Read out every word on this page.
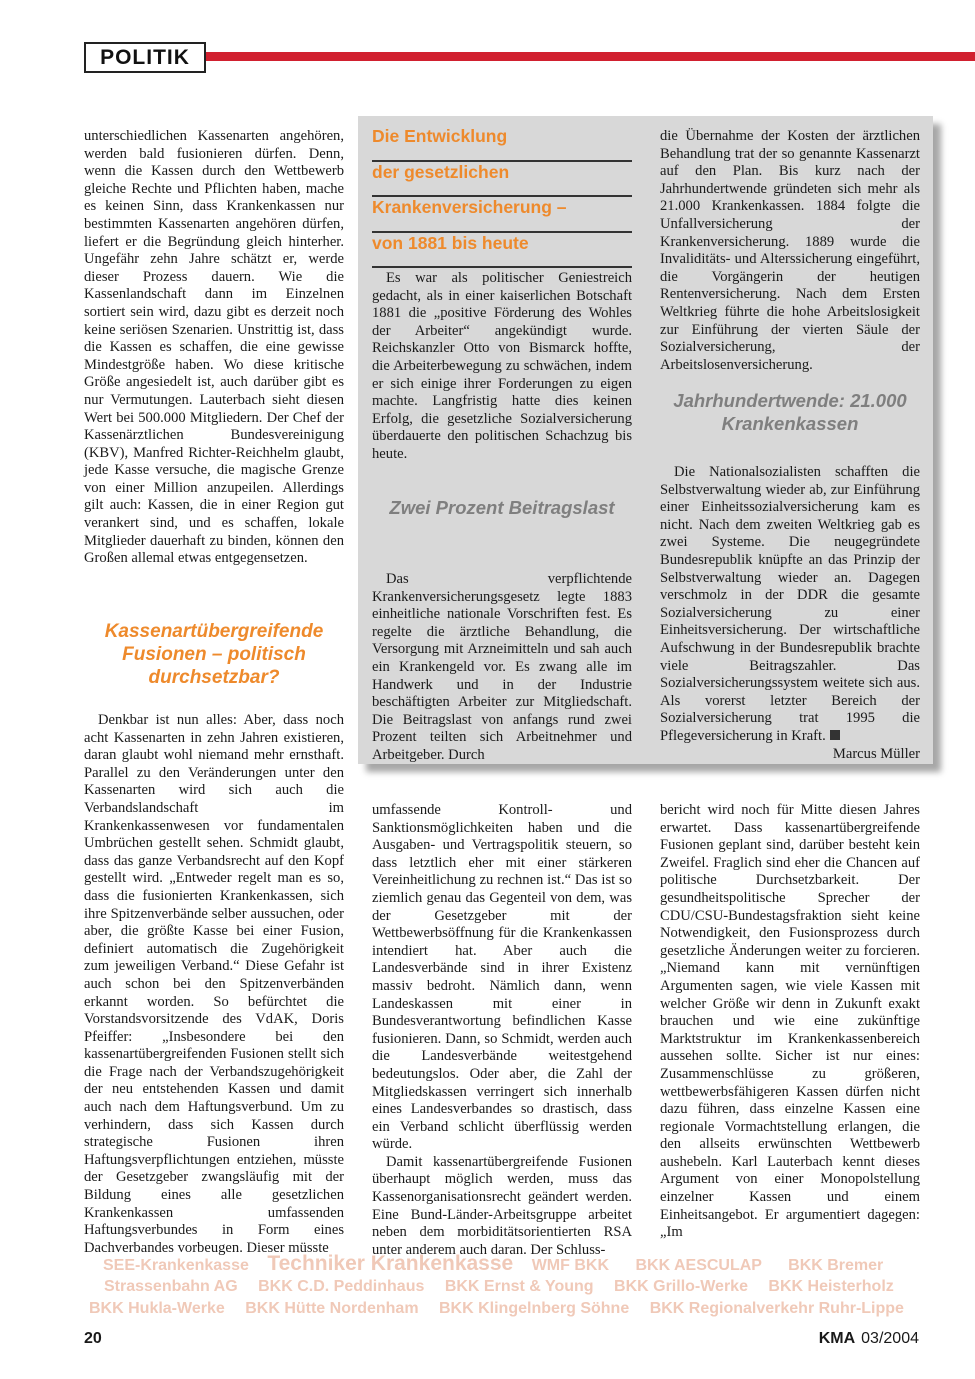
POLITIK

unterschiedlichen Kassenarten angehören, werden bald fusionieren dürfen. Denn, wenn die Kassen durch den Wettbewerb gleiche Rechte und Pflichten haben, mache es keinen Sinn, dass Krankenkassen nur bestimmten Kassenarten angehören dürfen, liefert er die Begründung gleich hinterher. Ungefähr zehn Jahre schätzt er, werde dieser Prozess dauern. Wie die Kassenlandschaft dann im Einzelnen sortiert sein wird, dazu gibt es derzeit noch keine seriösen Szenarien. Unstrittig ist, dass die Kassen es schaffen, die eine gewisse Mindestgröße haben. Wo diese kritische Größe angesiedelt ist, auch darüber gibt es nur Vermutungen. Lauterbach sieht diesen Wert bei 500.000 Mitgliedern. Der Chef der Kassenärztlichen Bundesvereinigung (KBV), Manfred Richter-Reichhelm glaubt, jede Kasse versuche, die magische Grenze von einer Million anzupeilen. Allerdings gilt auch: Kassen, die in einer Region gut verankert sind, und es schaffen, lokale Mitglieder dauerhaft zu binden, können den Großen allemal etwas entgegensetzen.

Kassenartübergreifende Fusionen – politisch durchsetzbar?

Denkbar ist nun alles: Aber, dass noch acht Kassenarten in zehn Jahren existieren, daran glaubt wohl niemand mehr ernsthaft. Parallel zu den Veränderungen unter den Kassenarten wird sich auch die Verbandslandschaft im Krankenkassenwesen vor fundamentalen Umbrüchen gestellt sehen. Schmidt glaubt, dass das ganze Verbandsrecht auf den Kopf gestellt wird. „Entweder regelt man es so, dass die fusionierten Krankenkassen, sich ihre Spitzenverbände selber aussuchen, oder aber, die größte Kasse bei einer Fusion, definiert automatisch die Zugehörigkeit zum jeweiligen Verband.“ Diese Gefahr ist auch schon bei den Spitzenverbänden erkannt worden. So befürchtet die Vorstandsvorsitzende des VdAK, Doris Pfeiffer: „Insbesondere bei den kassenartübergreifenden Fusionen stellt sich die Frage nach der Verbandszugehörigkeit der neu entstehenden Kassen und damit auch nach dem Haftungsverbund. Um zu verhindern, dass sich Kassen durch strategische Fusionen ihren Haftungsverpflichtungen entziehen, müsste der Gesetzgeber zwangsläufig mit der Bildung eines alle gesetzlichen Krankenkassen umfassenden Haftungsverbundes in Form eines Dachverbandes vorbeugen. Dieser müsste

Die Entwicklung
der gesetzlichen
Krankenversicherung –
von 1881 bis heute

Es war als politischer Geniestreich gedacht, als in einer kaiserlichen Botschaft 1881 die „positive Förderung des Wohles der Arbeiter“ angekündigt wurde. Reichskanzler Otto von Bismarck hoffte, die Arbeiterbewegung zu schwächen, indem er sich einige ihrer Forderungen zu eigen machte. Langfristig hatte dies keinen Erfolg, die gesetzliche Sozialversicherung überdauerte den politischen Schachzug bis heute.

Zwei Prozent Beitragslast

Das verpflichtende Krankenversicherungsgesetz legte 1883 einheitliche nationale Vorschriften fest. Es regelte die ärztliche Behandlung, die Versorgung mit Arzneimitteln und sah auch ein Krankengeld vor. Es zwang alle im Handwerk und in der Industrie beschäftigten Arbeiter zur Mitgliedschaft. Die Beitragslast von anfangs rund zwei Prozent teilten sich Arbeitnehmer und Arbeitgeber. Durch

die Übernahme der Kosten der ärztlichen Behandlung trat der so genannte Kassenarzt auf den Plan. Bis kurz nach der Jahrhundertwende gründeten sich mehr als 21.000 Krankenkassen. 1884 folgte die Unfallversicherung der Krankenversicherung. 1889 wurde die Invaliditäts- und Alterssicherung eingeführt, die Vorgängerin der heutigen Rentenversicherung. Nach dem Ersten Weltkrieg führte die hohe Arbeitslosigkeit zur Einführung der vierten Säule der Sozialversicherung, der Arbeitslosenversicherung.

Jahrhundertwende: 21.000 Krankenkassen

Die Nationalsozialisten schafften die Selbstverwaltung wieder ab, zur Einführung einer Einheitssozialversicherung kam es nicht. Nach dem zweiten Weltkrieg gab es zwei Systeme. Die neugegründete Bundesrepublik knüpfte an das Prinzip der Selbstverwaltung wieder an. Dagegen verschmolz in der DDR die gesamte Sozialversicherung zu einer Einheitsversicherung. Der wirtschaftliche Aufschwung in der Bundesrepublik brachte viele Beitragszahler. Das Sozialversicherungssystem weitete sich aus. Als vorerst letzter Bereich der Sozialversicherung trat 1995 die Pflegeversicherung in Kraft.

Marcus Müller

umfassende Kontroll- und Sanktionsmöglichkeiten haben und die Ausgaben- und Vertragspolitik steuern, so dass letztlich eher mit einer stärkeren Vereinheitlichung zu rechnen ist.“ Das ist so ziemlich genau das Gegenteil von dem, was der Gesetzgeber mit der Wettbewerbsöffnung für die Krankenkassen intendiert hat. Aber auch die Landesverbände sind in ihrer Existenz massiv bedroht. Nämlich dann, wenn Landeskassen mit einer in Bundesverantwortung befindlichen Kasse fusionieren. Dann, so Schmidt, werden auch die Landesverbände weitestgehend bedeutungslos. Oder aber, die Zahl der Mitgliedskassen verringert sich innerhalb eines Landesverbandes so drastisch, dass ein Verband schlicht überflüssig werden würde.

Damit kassenartübergreifende Fusionen überhaupt möglich werden, muss das Kassenorganisationsrecht geändert werden. Eine Bund-Länder-Arbeitsgruppe arbeitet neben dem morbiditätsorientierten RSA unter anderem auch daran. Der Schluss-

bericht wird noch für Mitte diesen Jahres erwartet. Dass kassenartübergreifende Fusionen geplant sind, darüber besteht kein Zweifel. Fraglich sind eher die Chancen auf politische Durchsetzbarkeit. Der gesundheitspolitische Sprecher der CDU/CSU-Bundestagsfraktion sieht keine Notwendigkeit, den Fusionsprozess durch gesetzliche Änderungen weiter zu forcieren. „Niemand kann mit vernünftigen Argumenten sagen, wie viele Kassen mit welcher Größe wir denn in Zukunft exakt brauchen und wie eine zukünftige Marktstruktur im Krankenkassenbereich aussehen sollte. Sicher ist nur eines: Zusammenschlüsse zu größeren, wettbewerbsfähigeren Kassen dürfen nicht dazu führen, dass einzelne Kassen eine regionale Vormachtstellung erlangen, die den allseits erwünschten Wettbewerb aushebeln. Karl Lauterbach kennt dieses Argument von einer Monopolstellung einzelner Kassen und einem Einheitsangebot. Er argumentiert dagegen: „Im

SEE-Krankenkasse Techniker Krankenkasse WMF BKK BKK AESCULAP BKK Bremer
Strassenbahn AG BKK C.D. Peddinhaus BKK Ernst & Young BKK Grillo-Werke BKK Heisterholz
BKK Hukla-Werke BKK Hütte Nordenham BKK Klingelnberg Söhne BKK Regionalverkehr Ruhr-Lippe
20	KMA 03/2004
